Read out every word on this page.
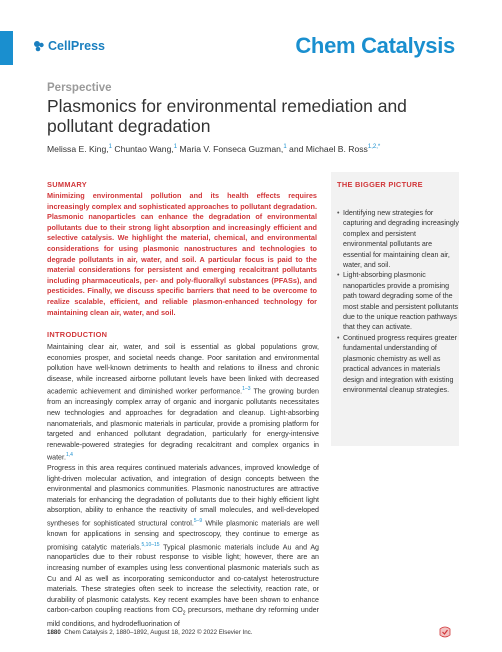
CellPress	Chem Catalysis
Perspective
Plasmonics for environmental remediation and pollutant degradation
Melissa E. King,$^1$ Chuntao Wang,$^1$ Maria V. Fonseca Guzman,$^1$ and Michael B. Ross$^{1,2,*}$
SUMMARY

Minimizing environmental pollution and its health effects requires increasingly complex and sophisticated approaches to pollutant degradation. Plasmonic nanoparticles can enhance the degradation of environmental pollutants due to their strong light absorption and increasingly efficient and selective catalysis. We highlight the material, chemical, and environmental considerations for using plasmonic nanostructures and technologies to degrade pollutants in air, water, and soil. A particular focus is paid to the material considerations for persistent and emerging recalcitrant pollutants including pharmaceuticals, per- and poly-fluoralkyl substances (PFASs), and pesticides. Finally, we discuss specific barriers that need to be overcome to realize scalable, efficient, and reliable plasmon-enhanced technology for maintaining clean air, water, and soil.

INTRODUCTION

Maintaining clear air, water, and soil is essential as global populations grow, economies prosper, and societal needs change. Poor sanitation and environmental pollution have well-known detriments to health and relations to illness and chronic disease, while increased airborne pollutant levels have been linked with decreased academic achievement and diminished worker performance.$^{1-3}$ The growing burden from an increasingly complex array of organic and inorganic pollutants necessitates new technologies and approaches for degradation and cleanup. Light-absorbing nanomaterials, and plasmonic materials in particular, provide a promising platform for targeted and enhanced pollutant degradation, particularly for energy-intensive renewable-powered strategies for degrading recalcitrant and complex organics in water.$^{1,4}$

Progress in this area requires continued materials advances, improved knowledge of light-driven molecular activation, and integration of design concepts between the environmental and plasmonics communities. Plasmonic nanostructures are attractive materials for enhancing the degradation of pollutants due to their highly efficient light absorption, ability to enhance the reactivity of small molecules, and well-developed syntheses for sophisticated structural control.$^{5-9}$ While plasmonic materials are well known for applications in sensing and spectroscopy, they continue to emerge as promising catalytic materials.$^{5,10-15}$ Typical plasmonic materials include Au and Ag nanoparticles due to their robust response to visible light; however, there are an increasing number of examples using less conventional plasmonic materials such as Cu and Al as well as incorporating semiconductor and co-catalyst heterostructure materials. These strategies often seek to increase the selectivity, reaction rate, or durability of plasmonic catalysts. Key recent examples have been shown to enhance carbon-carbon coupling reactions from $CO_2$ precursors, methane dry reforming under mild conditions, and hydrodefluorination of

THE BIGGER PICTURE
• Identifying new strategies for capturing and degrading increasingly complex and persistent environmental pollutants are essential for maintaining clean air, water, and soil.
• Light-absorbing plasmonic nanoparticles provide a promising path toward degrading some of the most stable and persistent pollutants due to the unique reaction pathways that they can activate.
• Continued progress requires greater fundamental understanding of plasmonic chemistry as well as practical advances in materials design and integration with existing environmental cleanup strategies.
1880 Chem Catalysis 2, 1880–1892, August 18, 2022 © 2022 Elsevier Inc.
